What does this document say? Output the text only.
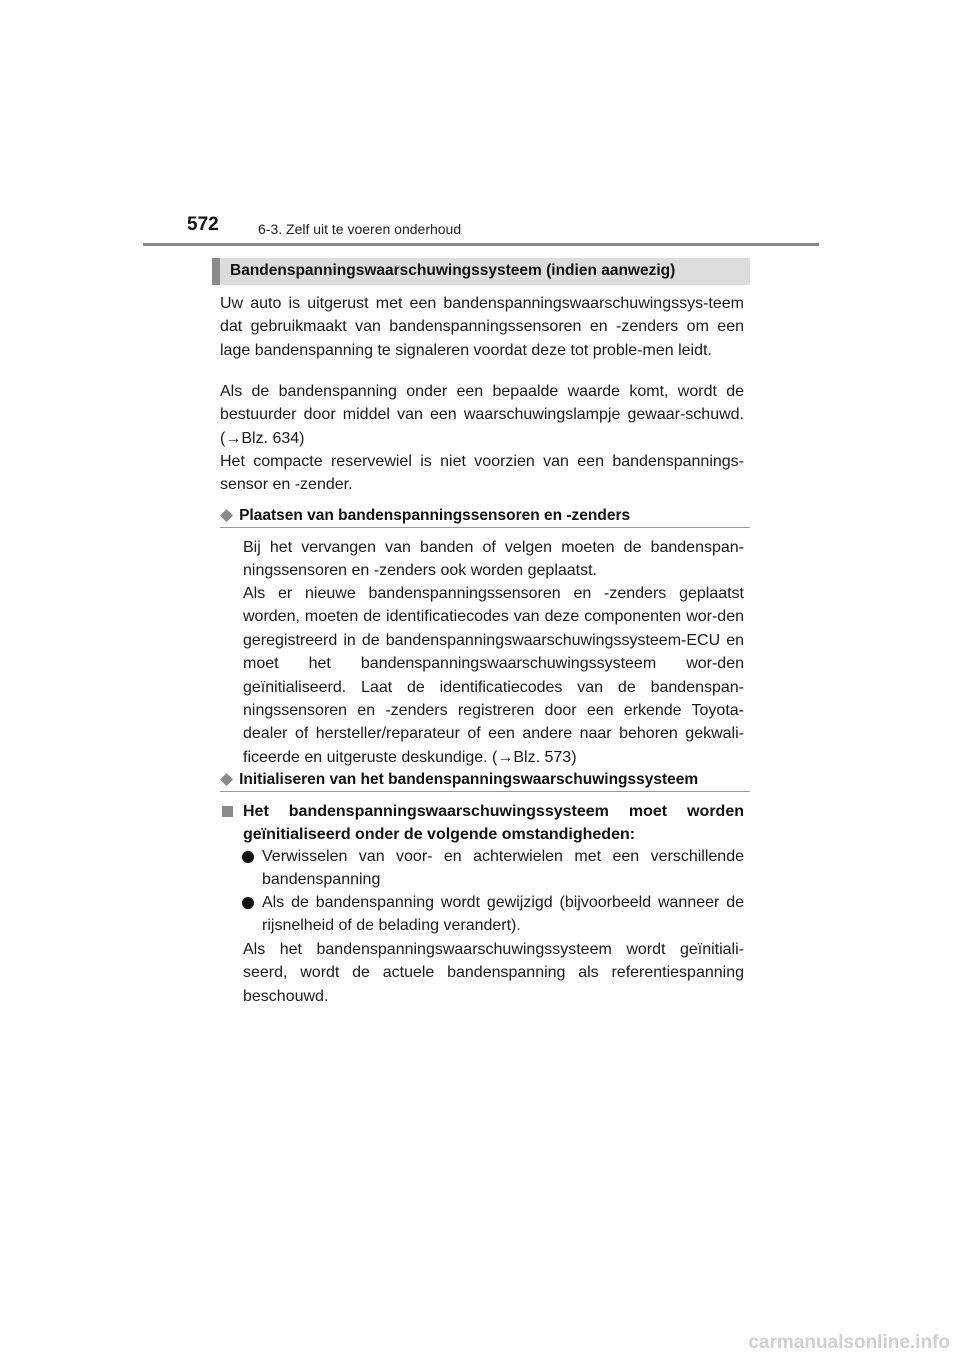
572	6-3. Zelf uit te voeren onderhoud
Bandenspanningswaarschuwingssysteem (indien aanwezig)

Uw auto is uitgerust met een bandenspanningswaarschuwingssys-teem dat gebruikmaakt van bandenspanningssensoren en -zenders om een lage bandenspanning te signaleren voordat deze tot proble-men leidt.

Als de bandenspanning onder een bepaalde waarde komt, wordt de bestuurder door middel van een waarschuwingslampje gewaar-schuwd. (→Blz. 634)

Het compacte reservewiel is niet voorzien van een bandenspannings-sensor en -zender.

◆ Plaatsen van bandenspanningssensoren en -zenders

Bij het vervangen van banden of velgen moeten de bandenspan-ningssensoren en -zenders ook worden geplaatst.

Als er nieuwe bandenspanningssensoren en -zenders geplaatst worden, moeten de identificatiecodes van deze componenten wor-den geregistreerd in de bandenspanningswaarschuwingssysteem-ECU en moet het bandenspanningswaarschuwingssysteem wor-den geïnitialiseerd. Laat de identificatiecodes van de bandenspan-ningssensoren en -zenders registreren door een erkende Toyota-dealer of hersteller/reparateur of een andere naar behoren gekwali-ficeerde en uitgeruste deskundige. (→Blz. 573)

◆ Initialiseren van het bandenspanningswaarschuwingssysteem

Het bandenspanningswaarschuwingssysteem moet worden geïnitialiseerd onder de volgende omstandigheden:

Verwisselen van voor- en achterwielen met een verschillende bandenspanning

Als de bandenspanning wordt gewijzigd (bijvoorbeeld wanneer de rijsnelheid of de belading verandert).

Als het bandenspanningswaarschuwingssysteem wordt geïnitiali-seerd, wordt de actuele bandenspanning als referentiespanning beschouwd.

carmanualsonline.info
